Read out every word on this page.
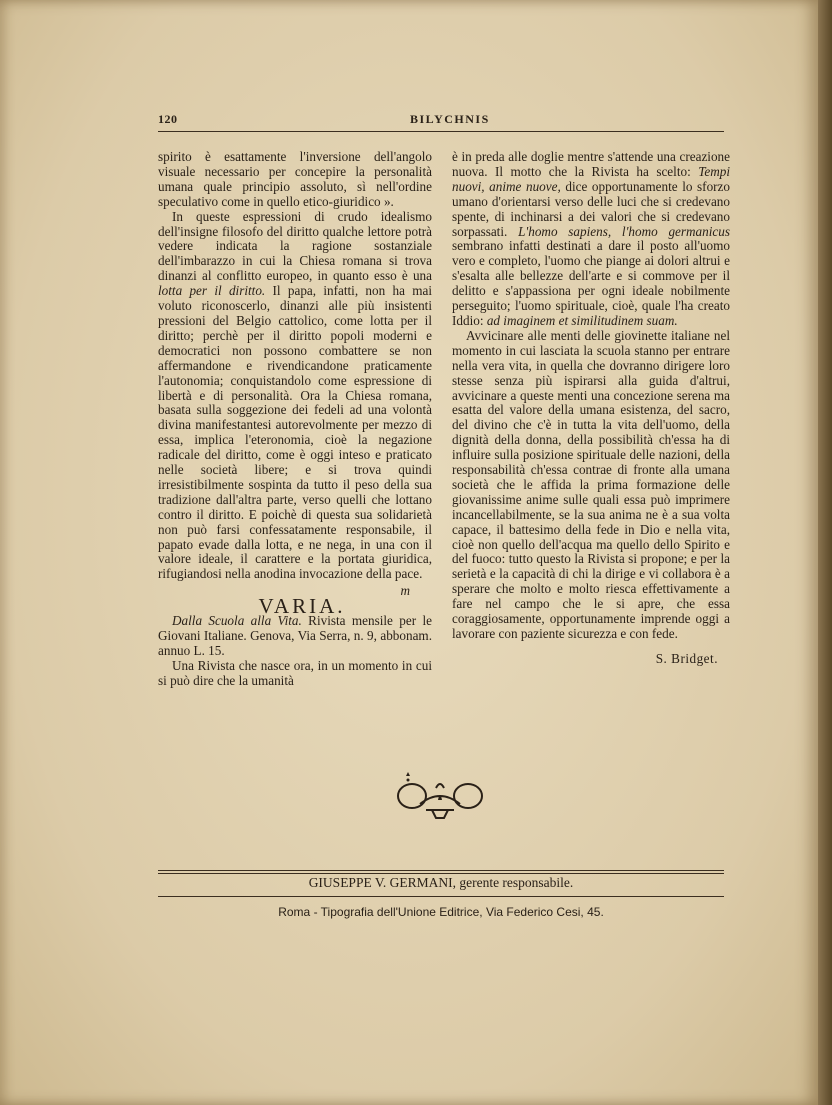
120	BILYCHNIS

spirito è esattamente l'inversione dell'angolo visuale necessario per concepire la personalità umana quale principio assoluto, sì nell'ordine speculativo come in quello etico-giuridico ».

In queste espressioni di crudo idealismo dell'insigne filosofo del diritto qualche lettore potrà vedere indicata la ragione sostanziale dell'imbarazzo in cui la Chiesa romana si trova dinanzi al conflitto europeo, in quanto esso è una lotta per il diritto. Il papa, infatti, non ha mai voluto riconoscerlo, dinanzi alle più insistenti pressioni del Belgio cattolico, come lotta per il diritto; perchè per il diritto popoli moderni e democratici non possono combattere se non affermandone e rivendicandone praticamente l'autonomia; conquistandolo come espressione di libertà e di personalità. Ora la Chiesa romana, basata sulla soggezione dei fedeli ad una volontà divina manifestantesi autorevolmente per mezzo di essa, implica l'eteronomia, cioè la negazione radicale del diritto, come è oggi inteso e praticato nelle società libere; e si trova quindi irresistibilmente sospinta da tutto il peso della sua tradizione dall'altra parte, verso quelli che lottano contro il diritto. E poichè di questa sua solidarietà non può farsi confessatamente responsabile, il papato evade dalla lotta, e ne nega, in una con il valore ideale, il carattere e la portata giuridica, rifugiandosi nella anodina invocazione della pace.

m

VARIA.

Dalla Scuola alla Vita. Rivista mensile per le Giovani Italiane. Genova, Via Serra, n. 9, abbonam. annuo L. 15.

Una Rivista che nasce ora, in un momento in cui si può dire che la umanità

è in preda alle doglie mentre s'attende una creazione nuova. Il motto che la Rivista ha scelto: Tempi nuovi, anime nuove, dice opportunamente lo sforzo umano d'orientarsi verso delle luci che si credevano spente, di inchinarsi a dei valori che si credevano sorpassati. L'homo sapiens, l'homo germanicus sembrano infatti destinati a dare il posto all'uomo vero e completo, l'uomo che piange ai dolori altrui e s'esalta alle bellezze dell'arte e si commove per il delitto e s'appassiona per ogni ideale nobilmente perseguito; l'uomo spirituale, cioè, quale l'ha creato Iddio: ad imaginem et similitudinem suam.

Avvicinare alle menti delle giovinette italiane nel momento in cui lasciata la scuola stanno per entrare nella vera vita, in quella che dovranno dirigere loro stesse senza più ispirarsi alla guida d'altrui, avvicinare a queste menti una concezione serena ma esatta del valore della umana esistenza, del sacro, del divino che c'è in tutta la vita dell'uomo, della dignità della donna, della possibilità ch'essa ha di influire sulla posizione spirituale delle nazioni, della responsabilità ch'essa contrae di fronte alla umana società che le affida la prima formazione delle giovanissime anime sulle quali essa può imprimere incancellabilmente, se la sua anima ne è a sua volta capace, il battesimo della fede in Dio e nella vita, cioè non quello dell'acqua ma quello dello Spirito e del fuoco: tutto questo la Rivista si propone; e per la serietà e la capacità di chi la dirige e vi collabora è a sperare che molto e molto riesca effettivamente a fare nel campo che le si apre, che essa coraggiosamente, opportunamente imprende oggi a lavorare con paziente sicurezza e con fede.

S. Bridget.

GIUSEPPE V. GERMANI, gerente responsabile.
Roma - Tipografia dell'Unione Editrice, Via Federico Cesi, 45.
